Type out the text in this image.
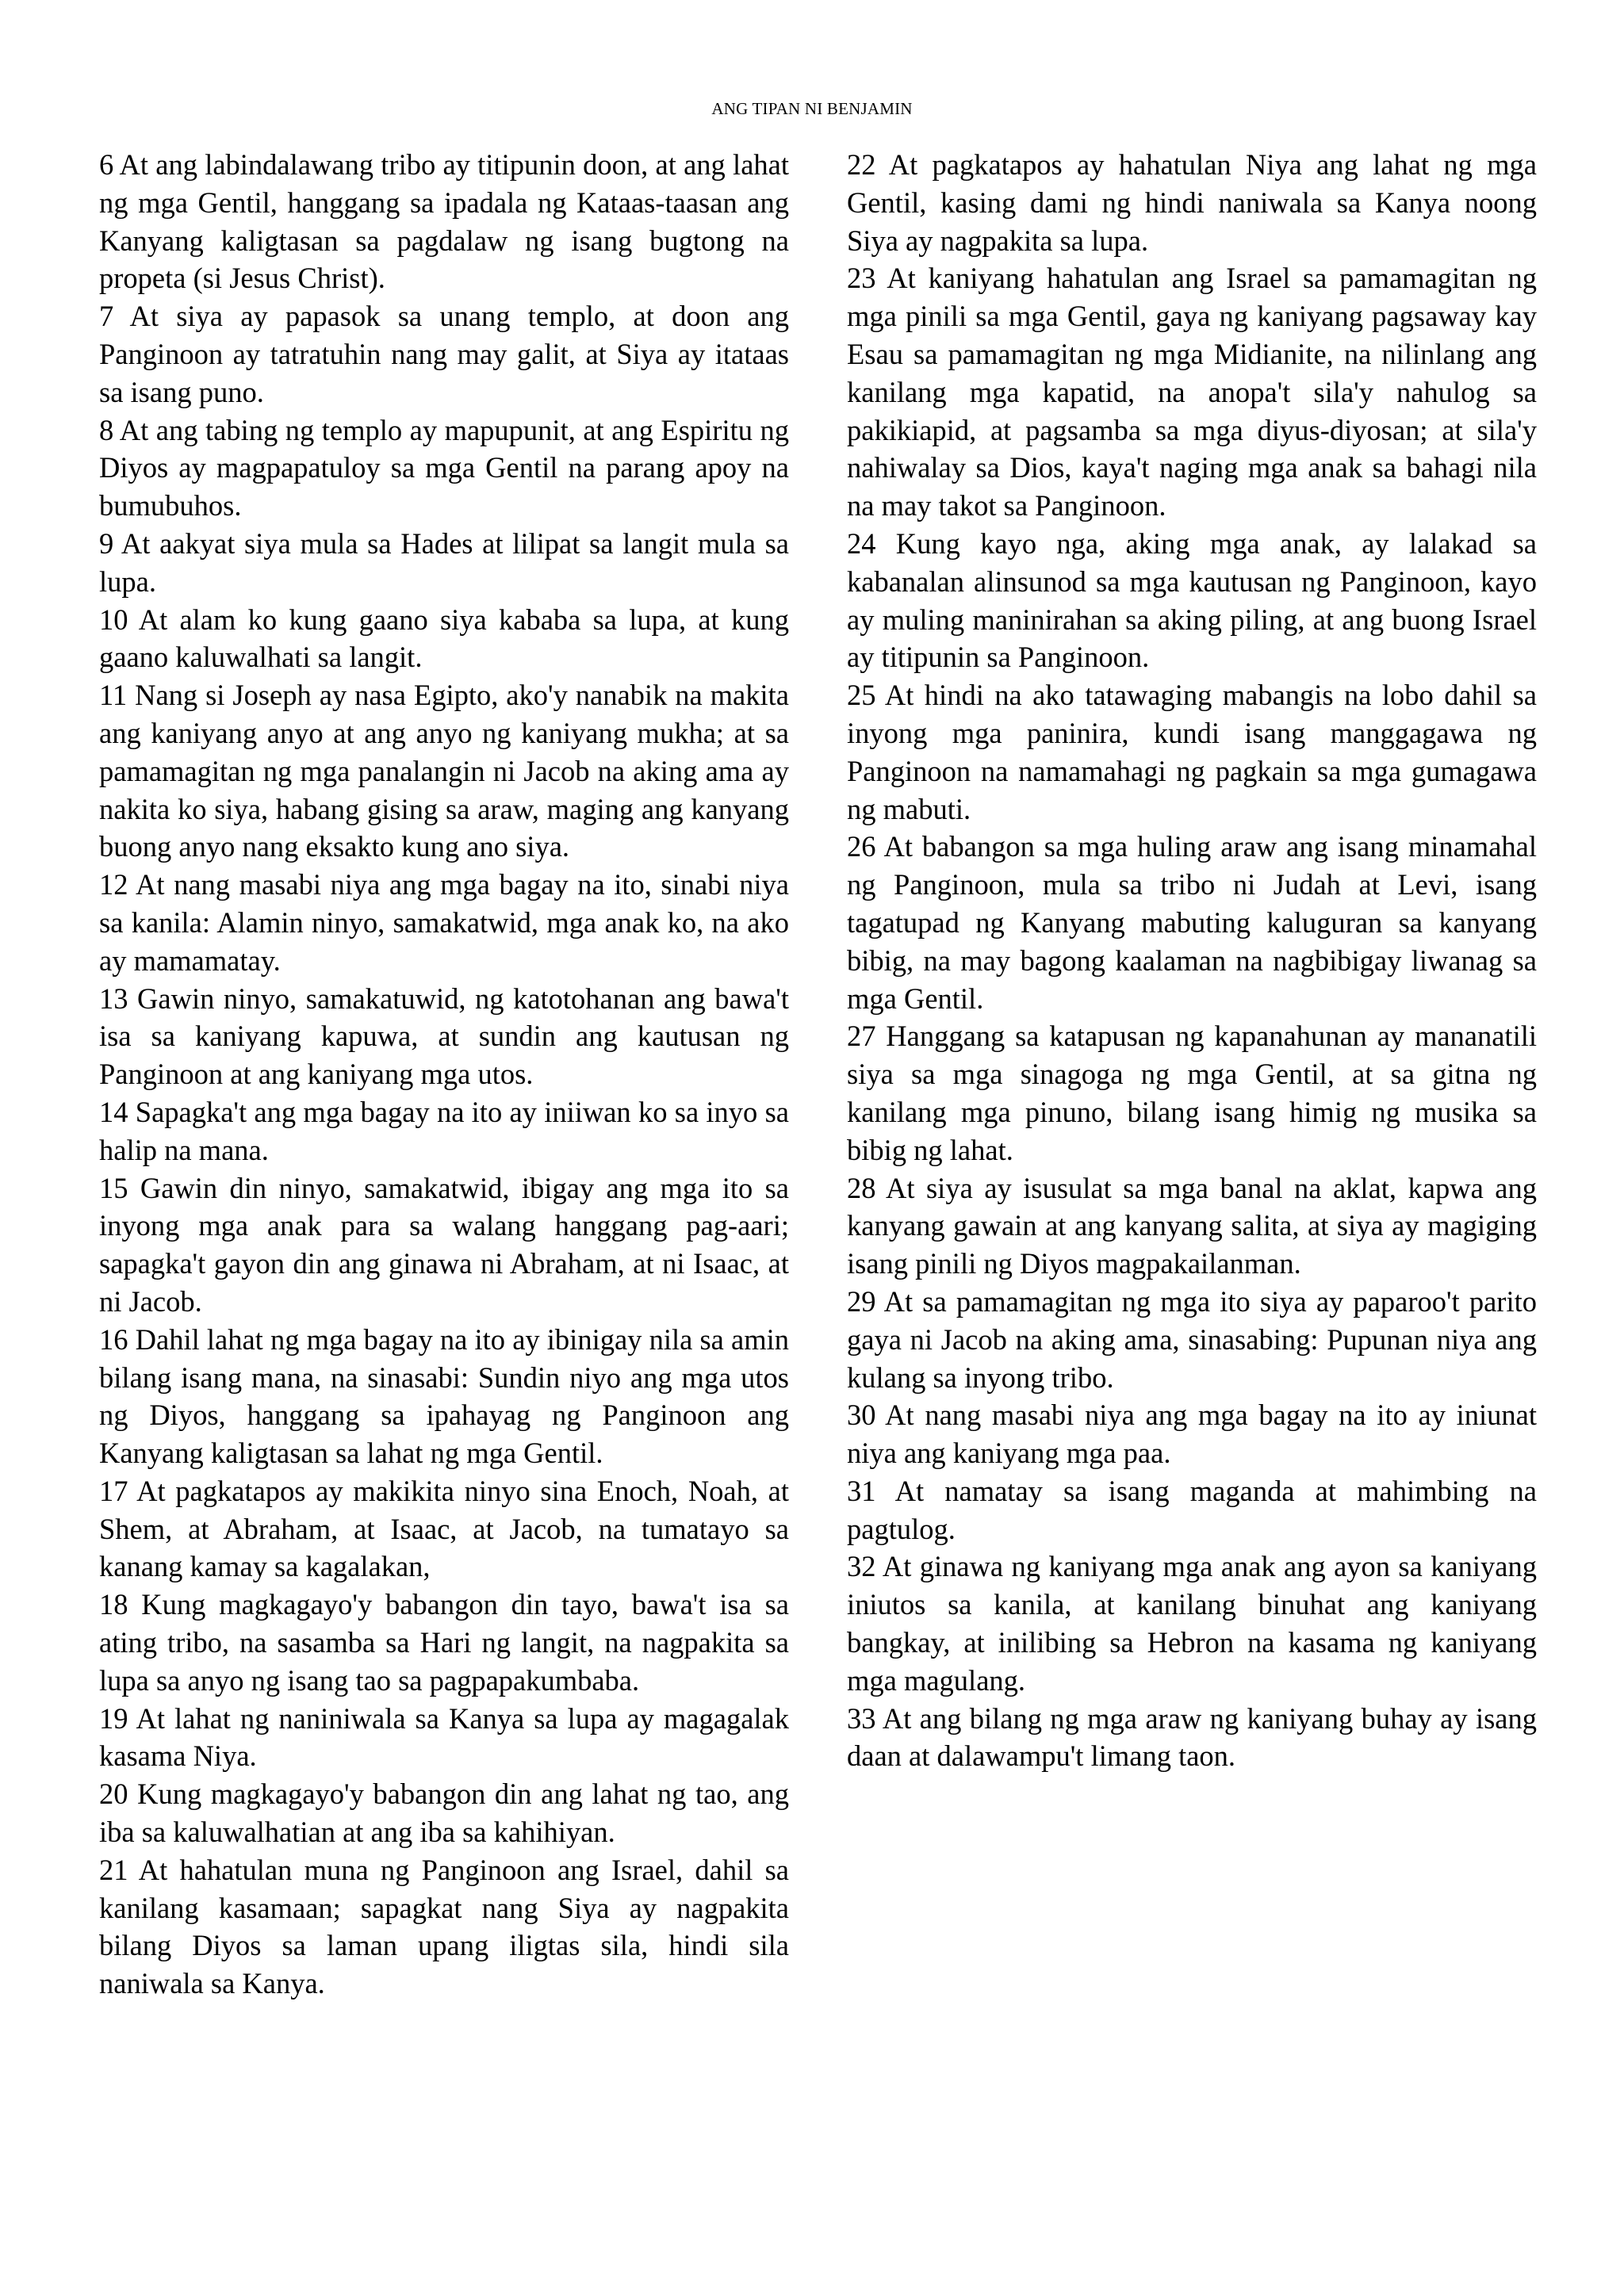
ANG TIPAN NI BENJAMIN

6 At ang labindalawang tribo ay titipunin doon, at ang lahat ng mga Gentil, hanggang sa ipadala ng Kataas-taasan ang Kanyang kaligtasan sa pagdalaw ng isang bugtong na propeta (si Jesus Christ).

7 At siya ay papasok sa unang templo, at doon ang Panginoon ay tatratuhin nang may galit, at Siya ay itataas sa isang puno.

8 At ang tabing ng templo ay mapupunit, at ang Espiritu ng Diyos ay magpapatuloy sa mga Gentil na parang apoy na bumubuhos.

9 At aakyat siya mula sa Hades at lilipat sa langit mula sa lupa.

10 At alam ko kung gaano siya kababa sa lupa, at kung gaano kaluwalhati sa langit.

11 Nang si Joseph ay nasa Egipto, ako'y nanabik na makita ang kaniyang anyo at ang anyo ng kaniyang mukha; at sa pamamagitan ng mga panalangin ni Jacob na aking ama ay nakita ko siya, habang gising sa araw, maging ang kanyang buong anyo nang eksakto kung ano siya.

12 At nang masabi niya ang mga bagay na ito, sinabi niya sa kanila: Alamin ninyo, samakatwid, mga anak ko, na ako ay mamamatay.

13 Gawin ninyo, samakatuwid, ng katotohanan ang bawa't isa sa kaniyang kapuwa, at sundin ang kautusan ng Panginoon at ang kaniyang mga utos.

14 Sapagka't ang mga bagay na ito ay iniiwan ko sa inyo sa halip na mana.

15 Gawin din ninyo, samakatwid, ibigay ang mga ito sa inyong mga anak para sa walang hanggang pag-aari; sapagka't gayon din ang ginawa ni Abraham, at ni Isaac, at ni Jacob.

16 Dahil lahat ng mga bagay na ito ay ibinigay nila sa amin bilang isang mana, na sinasabi: Sundin niyo ang mga utos ng Diyos, hanggang sa ipahayag ng Panginoon ang Kanyang kaligtasan sa lahat ng mga Gentil.

17 At pagkatapos ay makikita ninyo sina Enoch, Noah, at Shem, at Abraham, at Isaac, at Jacob, na tumatayo sa kanang kamay sa kagalakan,

18 Kung magkagayo'y babangon din tayo, bawa't isa sa ating tribo, na sasamba sa Hari ng langit, na nagpakita sa lupa sa anyo ng isang tao sa pagpapakumbaba.

19 At lahat ng naniniwala sa Kanya sa lupa ay magagalak kasama Niya.

20 Kung magkagayo'y babangon din ang lahat ng tao, ang iba sa kaluwalhatian at ang iba sa kahihiyan.

21 At hahatulan muna ng Panginoon ang Israel, dahil sa kanilang kasamaan; sapagkat nang Siya ay nagpakita bilang Diyos sa laman upang iligtas sila, hindi sila naniwala sa Kanya.

22 At pagkatapos ay hahatulan Niya ang lahat ng mga Gentil, kasing dami ng hindi naniwala sa Kanya noong Siya ay nagpakita sa lupa.

23 At kaniyang hahatulan ang Israel sa pamamagitan ng mga pinili sa mga Gentil, gaya ng kaniyang pagsaway kay Esau sa pamamagitan ng mga Midianite, na nilinlang ang kanilang mga kapatid, na anopa't sila'y nahulog sa pakikiapid, at pagsamba sa mga diyus-diyosan; at sila'y nahiwalay sa Dios, kaya't naging mga anak sa bahagi nila na may takot sa Panginoon.

24 Kung kayo nga, aking mga anak, ay lalakad sa kabanalan alinsunod sa mga kautusan ng Panginoon, kayo ay muling maninirahan sa aking piling, at ang buong Israel ay titipunin sa Panginoon.

25 At hindi na ako tatawaging mabangis na lobo dahil sa inyong mga paninira, kundi isang manggagawa ng Panginoon na namamahagi ng pagkain sa mga gumagawa ng mabuti.

26 At babangon sa mga huling araw ang isang minamahal ng Panginoon, mula sa tribo ni Judah at Levi, isang tagatupad ng Kanyang mabuting kaluguran sa kanyang bibig, na may bagong kaalaman na nagbibigay liwanag sa mga Gentil.

27 Hanggang sa katapusan ng kapanahunan ay mananatili siya sa mga sinagoga ng mga Gentil, at sa gitna ng kanilang mga pinuno, bilang isang himig ng musika sa bibig ng lahat.

28 At siya ay isusulat sa mga banal na aklat, kapwa ang kanyang gawain at ang kanyang salita, at siya ay magiging isang pinili ng Diyos magpakailanman.

29 At sa pamamagitan ng mga ito siya ay paparoo't parito gaya ni Jacob na aking ama, sinasabing: Pupunan niya ang kulang sa inyong tribo.

30 At nang masabi niya ang mga bagay na ito ay iniunat niya ang kaniyang mga paa.

31 At namatay sa isang maganda at mahimbing na pagtulog.

32 At ginawa ng kaniyang mga anak ang ayon sa kaniyang iniutos sa kanila, at kanilang binuhat ang kaniyang bangkay, at inilibing sa Hebron na kasama ng kaniyang mga magulang.

33 At ang bilang ng mga araw ng kaniyang buhay ay isang daan at dalawampu't limang taon.
